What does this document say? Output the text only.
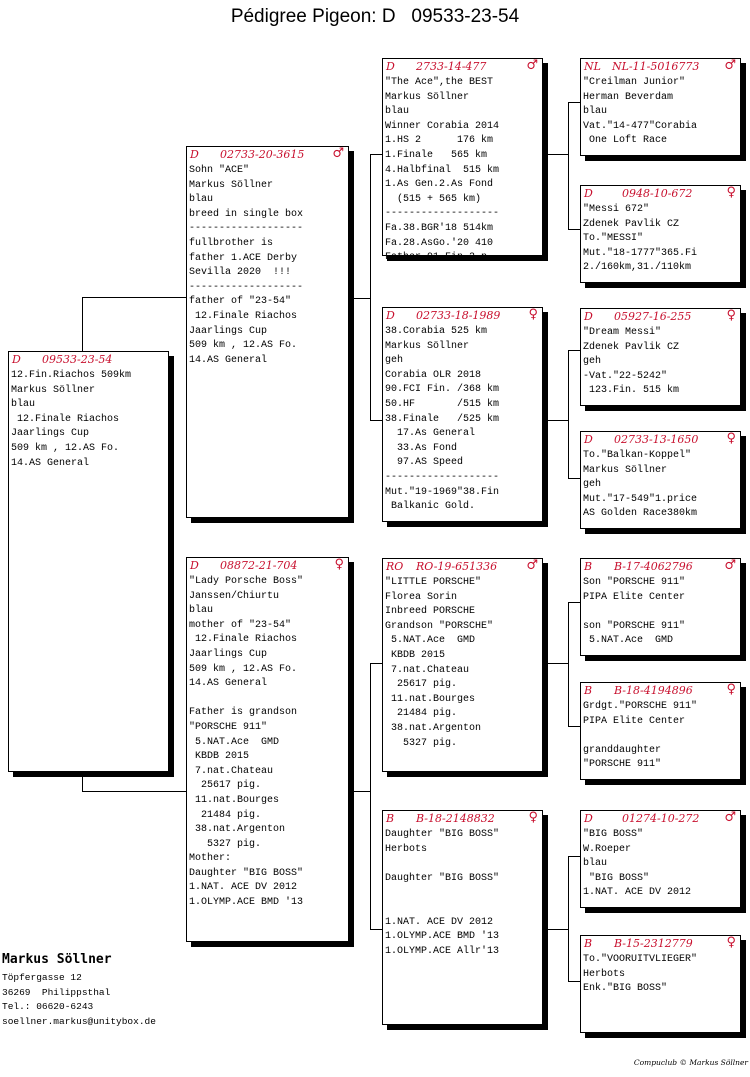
Pédigree Pigeon: D   09533-23-54
D 09533-23-54
12.Fin.Riachos 509km
Markus Söllner
blau
12.Finale Riachos
Jaarlings Cup
509 km , 12.AS Fo.
14.AS General
D 02733-20-3615 ♂
Sohn "ACE"
Markus Söllner
blau
breed in single box
-------------------
fullbrother is
father 1.ACE Derby
Sevilla 2020  !!!
-------------------
father of "23-54"
12.Finale Riachos
Jaarlings Cup
509 km , 12.AS Fo.
14.AS General
D 08872-21-704	♀
"Lady Porsche Boss"
Janssen/Chiurtu
blau
mother of "23-54"
12.Finale Riachos
Jaarlings Cup
509 km , 12.AS Fo.
14.AS General
Father is grandson
"PORSCHE 911"
5.NAT.Ace  GMD
KBDB 2015
7.nat.Chateau
25617 pig.
11.nat.Bourges
21484 pig.
38.nat.Argenton
5327 pig.
Mother:
Daughter "BIG BOSS"
1.NAT. ACE DV 2012
1.OLYMP.ACE BMD '13
D 2733-14-477	♂
"The Ace",the BEST
Markus Söllner
blau
Winner Corabia 2014
1.HS 2      176 km
1.Finale   565 km
4.Halbfinal  515 km
1.As Gen.2.As Fond
(515 + 565 km)
-------------------
Fa.38.BGR'18 514km
Fa.28.AsGo.'20 410
Father 91.Fin 2 p
D 02733-18-1989 ♀
38.Corabia 525 km
Markus Söllner
geh
Corabia OLR 2018
90.FCI Fin. /368 km
50.HF       /515 km
38.Finale   /525 km
17.As General
33.As Fond
97.AS Speed
-------------------
Mut."19-1969"38.Fin
Balkanic Gold.
RO RO-19-651336 ♂
"LITTLE PORSCHE"
Florea Sorin
Inbreed PORSCHE
Grandson "PORSCHE"
5.NAT.Ace  GMD
KBDB 2015
7.nat.Chateau
25617 pig.
11.nat.Bourges
21484 pig.
38.nat.Argenton
5327 pig.
B B-18-2148832	♀
Daughter "BIG BOSS"
Herbots
Daughter "BIG BOSS"
1.NAT. ACE DV 2012
1.OLYMP.ACE BMD '13
1.OLYMP.ACE Allr'13
NL NL-11-5016773 ♂
"Creilman Junior"
Herman Beverdam
blau
Vat."14-477"Corabia
One Loft Race
D	0948-10-672	♀
"Messi 672"
Zdenek Pavlik CZ
To."MESSI"
Mut."18-1777"365.Fi
2./160km,31./110km
D 05927-16-255	♀
"Dream Messi"
Zdenek Pavlik CZ
geh
-Vat."22-5242"
123.Fin. 515 km
D 02733-13-1650 ♀
To."Balkan-Koppel"
Markus Söllner
geh
Mut."17-549"1.price
AS Golden Race380km
B B-17-4062796 ♂
Son "PORSCHE 911"
PIPA Elite Center
son "PORSCHE 911"
5.NAT.Ace  GMD
B B-18-4194896	♀
Grdgt."PORSCHE 911"
PIPA Elite Center
granddaughter
"PORSCHE 911"
D	01274-10-272 ♂
"BIG BOSS"
W.Roeper
blau
"BIG BOSS"
1.NAT. ACE DV 2012
B B-15-2312779	♀
To."VOORUITVLIEGER"
Herbots
Enk."BIG BOSS"
Markus Söllner
Töpfergasse 12
36269  Philippsthal
Tel.: 06620-6243
soellner.markus@unitybox.de
Compuclub © Markus Söllner
